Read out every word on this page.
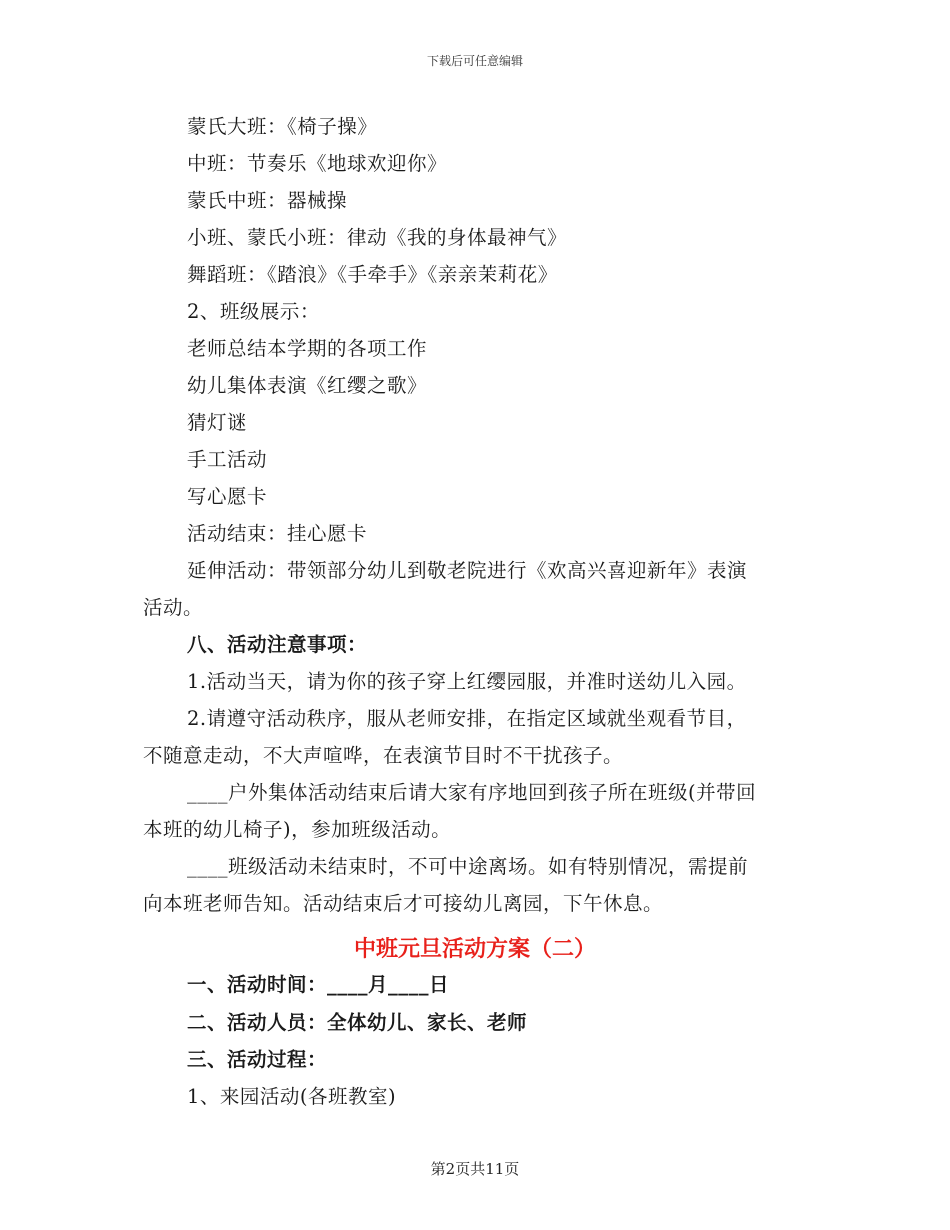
下载后可任意编辑
蒙氏大班：《椅子操》
中班：节奏乐《地球欢迎你》
蒙氏中班：器械操
小班、蒙氏小班：律动《我的身体最神气》
舞蹈班：《踏浪》《手牵手》《亲亲茉莉花》
2、班级展示：
老师总结本学期的各项工作
幼儿集体表演《红缨之歌》
猜灯谜
手工活动
写心愿卡
活动结束：挂心愿卡
延伸活动：带领部分幼儿到敬老院进行《欢高兴喜迎新年》表演
活动。
八、活动注意事项：
1.活动当天，请为你的孩子穿上红缨园服，并准时送幼儿入园。
2.请遵守活动秩序，服从老师安排，在指定区域就坐观看节目，
不随意走动，不大声喧哗，在表演节目时不干扰孩子。
____户外集体活动结束后请大家有序地回到孩子所在班级(并带回
本班的幼儿椅子)，参加班级活动。
____班级活动未结束时，不可中途离场。如有特别情况，需提前
向本班老师告知。活动结束后才可接幼儿离园，下午休息。
中班元旦活动方案（二）
一、活动时间：____月____日
二、活动人员：全体幼儿、家长、老师
三、活动过程：
1、来园活动(各班教室)
第2页共11页
